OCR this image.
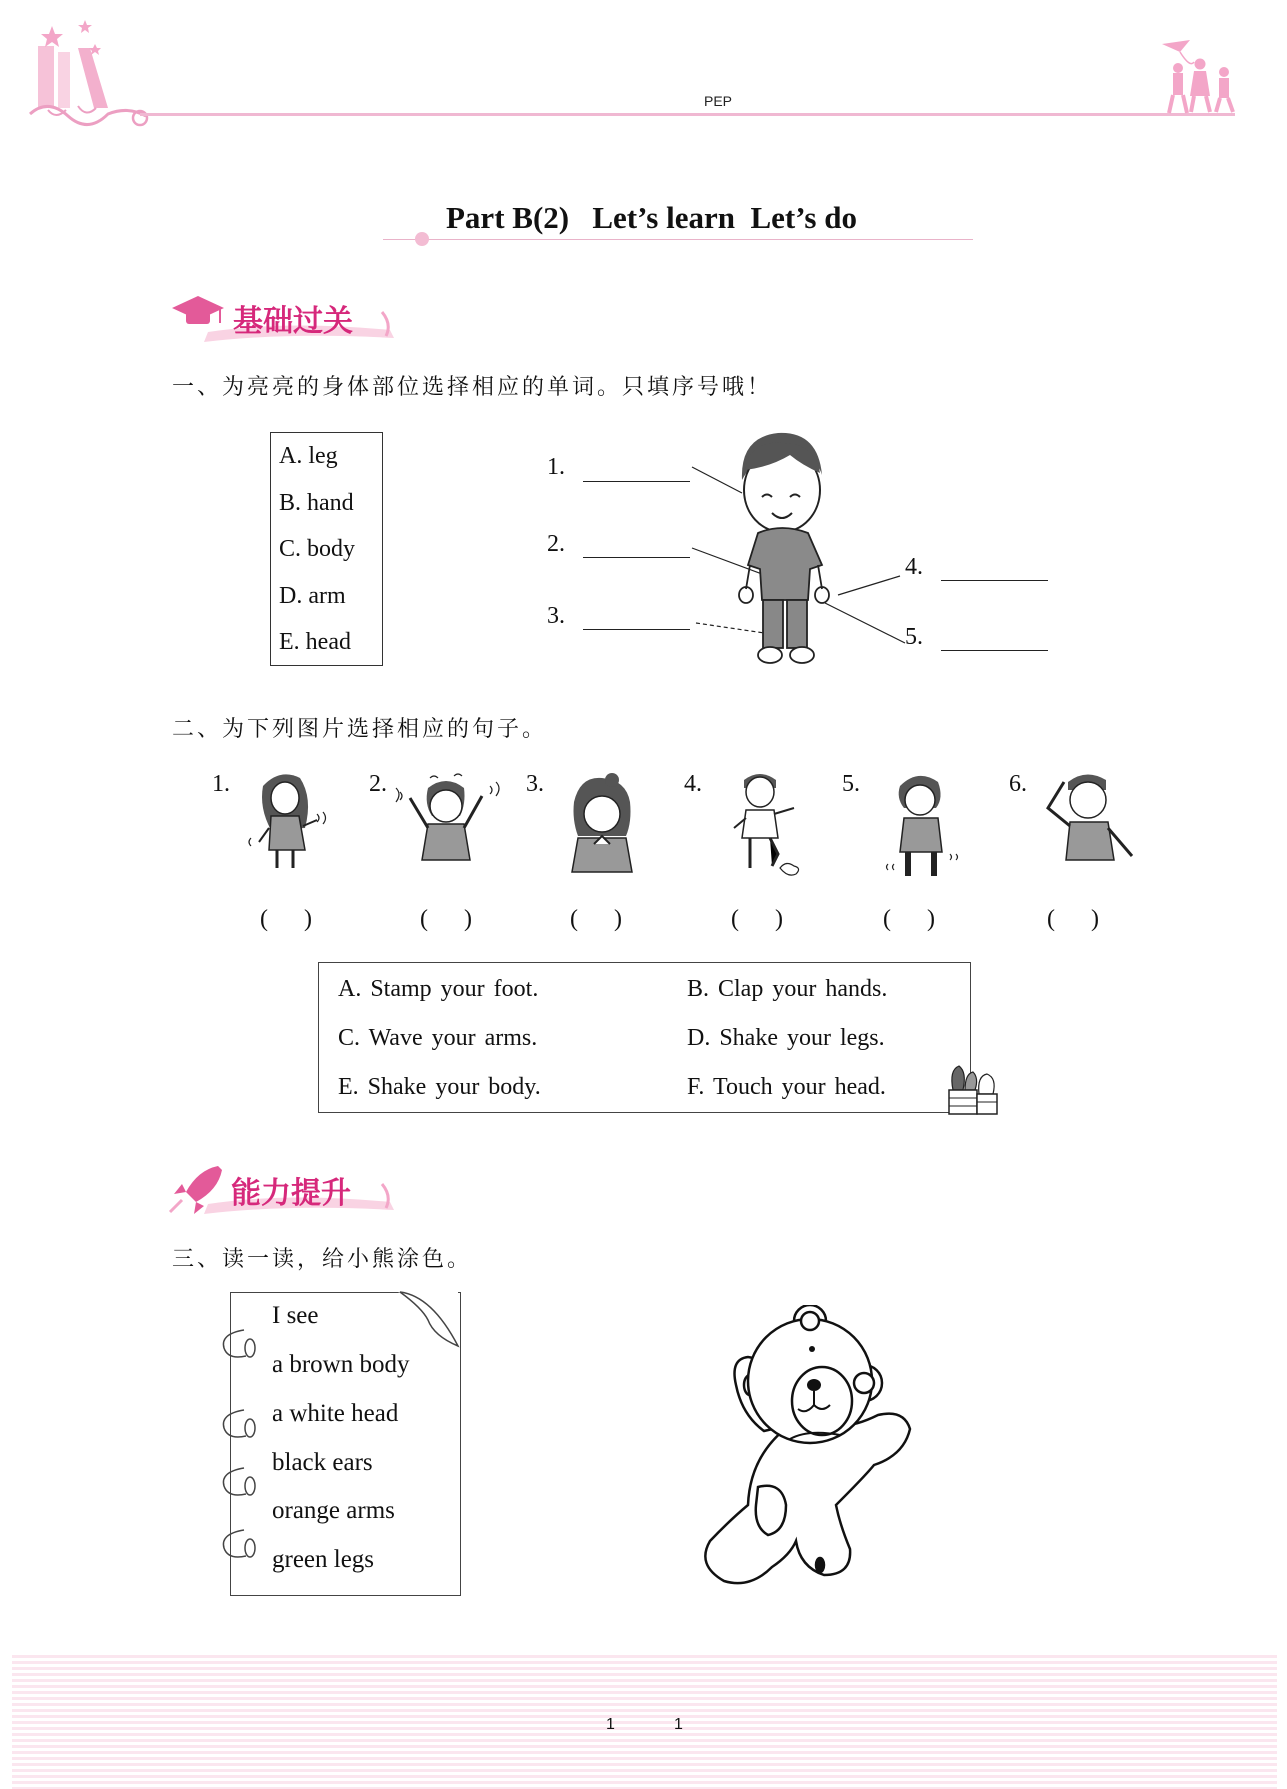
PEP
Part B(2)   Let’s learn  Let’s do
基础过关
一、为亮亮的身体部位选择相应的单词。只填序号哦！
A. leg
B. hand
C. body
D. arm
E. head
1.
2.
3.
4.
5.
二、为下列图片选择相应的句子。
1.	2.	3.	4.	5.	6.
(      )	(      )	(      )	(      )	(      )	(      )
A. Stamp your foot.	B. Clap your hands.
C. Wave your arms.	D. Shake your legs.
E. Shake your body.	F. Touch your head.
能力提升
三、读一读，给小熊涂色。
I see
a brown body
a white head
black ears
orange arms
green legs
1	1
